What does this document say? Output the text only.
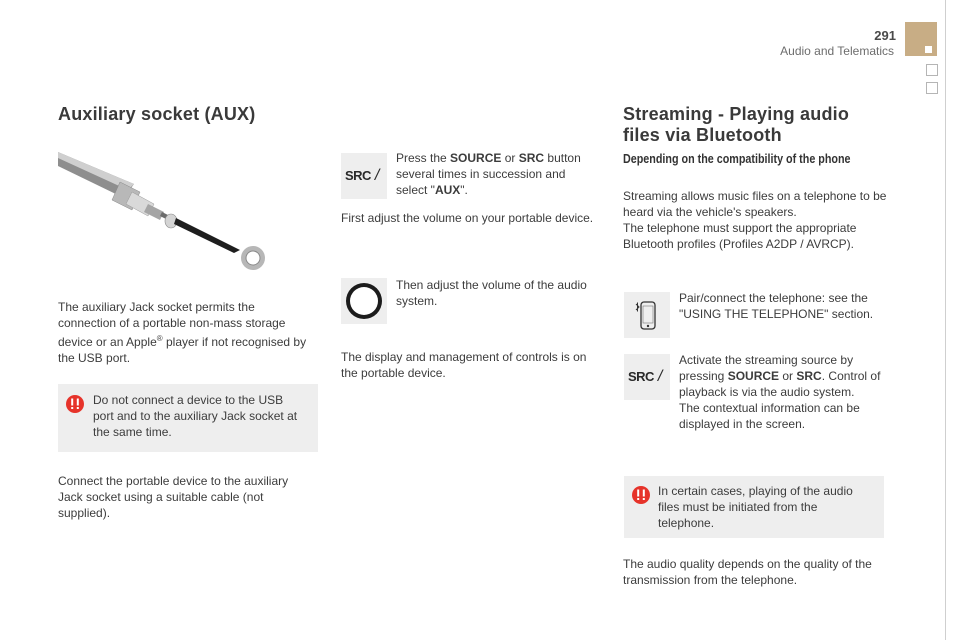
291
Audio and Telematics
Auxiliary socket (AUX)
The auxiliary Jack socket permits the
connection of a portable non-mass storage
device or an Apple® player if not recognised by
the USB port.
Do not connect a device to the USB port and to the auxiliary Jack socket at the same time.
Connect the portable device to the auxiliary Jack socket using a suitable cable (not supplied).
SRC /
Press the SOURCE or SRC button several times in succession and select "AUX".
First adjust the volume on your portable device.
Then adjust the volume of the audio system.
The display and management of controls is on the portable device.
Streaming - Playing audio
files via Bluetooth
Depending on the compatibility of the phone
Streaming allows music files on a telephone to be heard via the vehicle's speakers.
The telephone must support the appropriate Bluetooth profiles (Profiles A2DP / AVRCP).
Pair/connect the telephone: see the "USING THE TELEPHONE" section.
SRC /
Activate the streaming source by pressing SOURCE or SRC. Control of playback is via the audio system.
The contextual information can be displayed in the screen.
In certain cases, playing of the audio files must be initiated from the telephone.
The audio quality depends on the quality of the transmission from the telephone.
